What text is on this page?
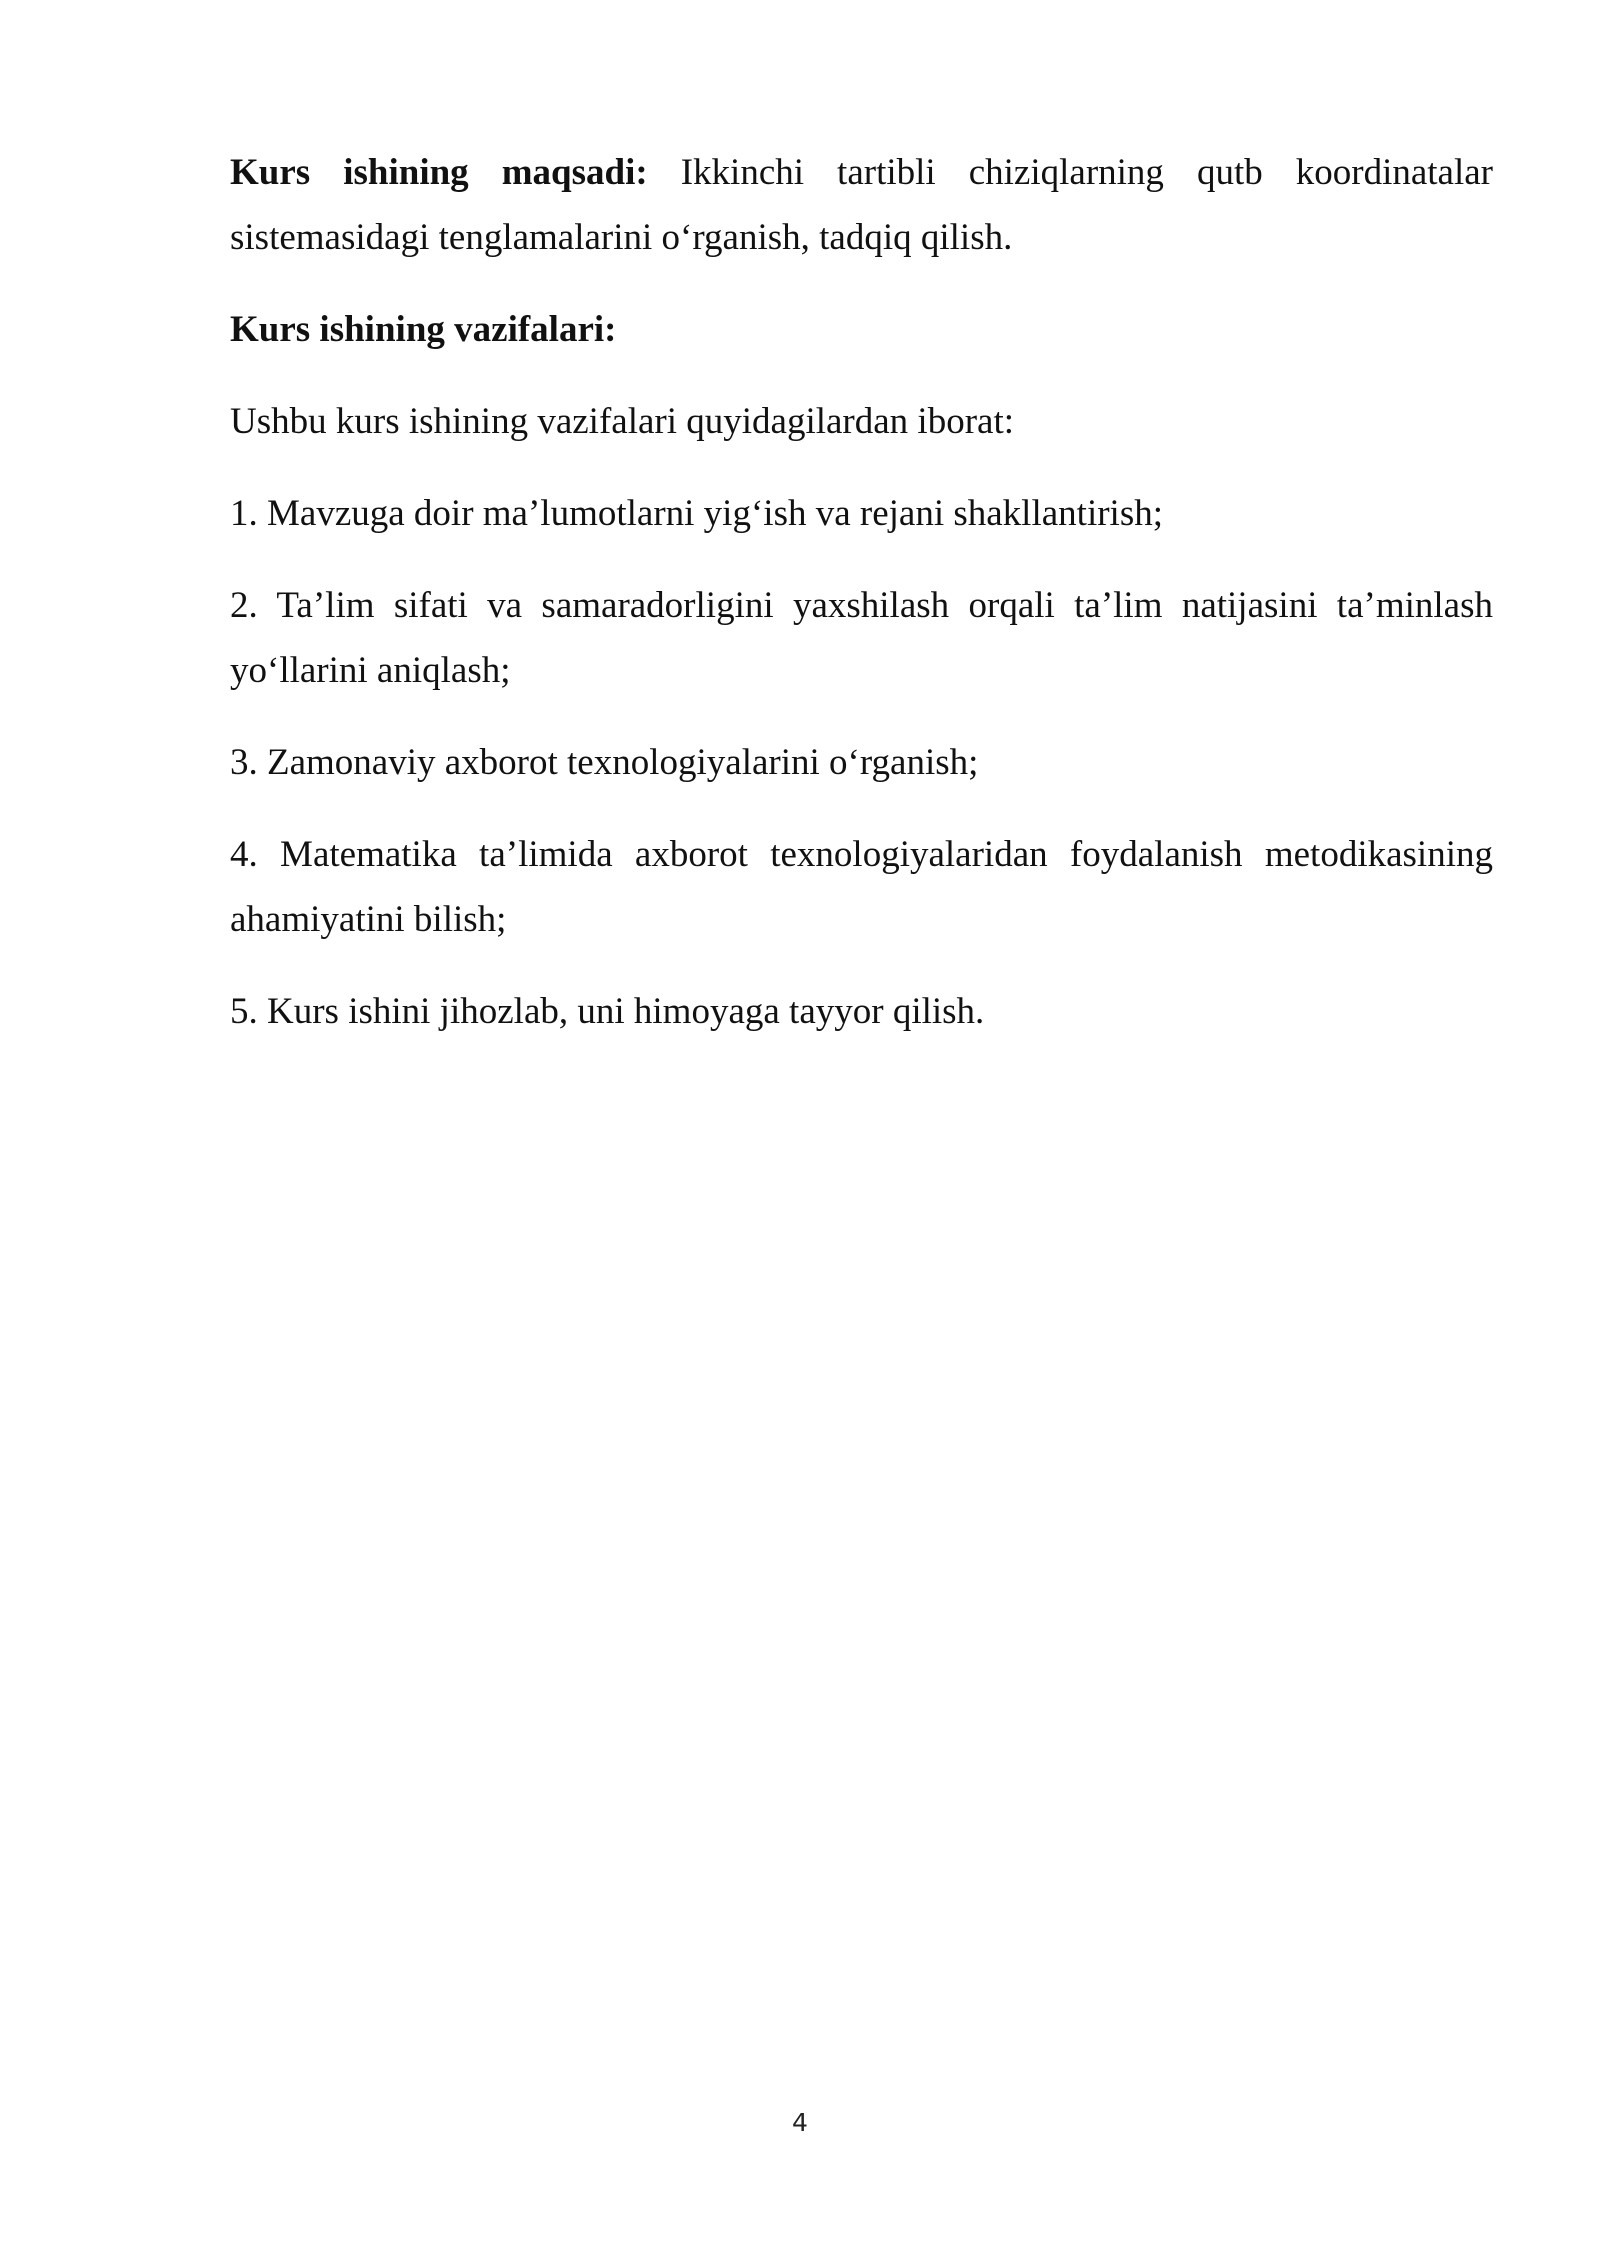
Kurs ishining maqsadi: Ikkinchi tartibli chiziqlarning qutb koordinatalar sistemasidagi tenglamalarini o‘rganish, tadqiq qilish.

Kurs ishining vazifalari:

Ushbu kurs ishining vazifalari quyidagilardan iborat:

1. Mavzuga doir ma’lumotlarni yig‘ish va rejani shakllantirish;

2. Ta’lim sifati va samaradorligini yaxshilash orqali ta’lim natijasini ta’minlash yo‘llarini aniqlash;

3. Zamonaviy axborot texnologiyalarini o‘rganish;

4. Matematika ta’limida axborot texnologiyalaridan foydalanish metodikasining ahamiyatini bilish;

5. Kurs ishini jihozlab, uni himoyaga tayyor qilish.

4
